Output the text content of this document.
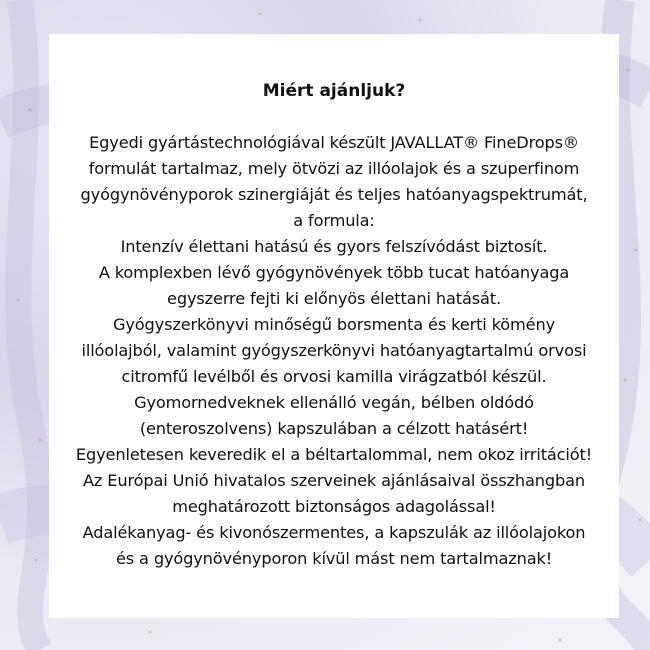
Miért ajánljuk?
Egyedi gyártástechnológiával készült JAVALLAT® FineDrops®
formulát tartalmaz, mely ötvözi az illóolajok és a szuperfinom
gyógynövényporok szinergiáját és teljes hatóanyagspektrumát,
a formula:
Intenzív élettani hatású és gyors felszívódást biztosít.
A komplexben lévő gyógynövények több tucat hatóanyaga
egyszerre fejti ki előnyös élettani hatását.
Gyógyszerkönyvi minőségű borsmenta és kerti kömény
illóolajból, valamint gyógyszerkönyvi hatóanyagtartalmú orvosi
citromfű levélből és orvosi kamilla virágzatból készül.
Gyomornedveknek ellenálló vegán, bélben oldódó
(enteroszolvens) kapszulában a célzott hatásért!
Egyenletesen keveredik el a béltartalommal, nem okoz irritációt!
Az Európai Unió hivatalos szerveinek ajánlásaival összhangban
meghatározott biztonságos adagolással!
Adalékanyag- és kivonószermentes, a kapszulák az illóolajokon
és a gyógynövényporon kívül mást nem tartalmaznak!
